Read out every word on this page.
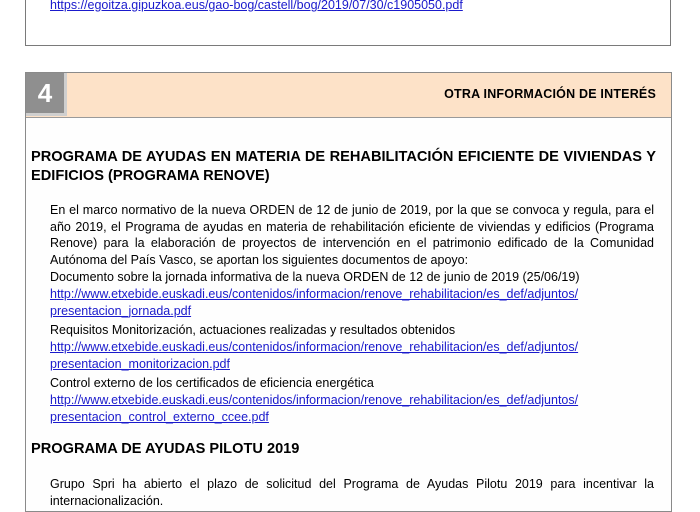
https://egoitza.gipuzkoa.eus/gao-bog/castell/bog/2019/07/30/c1905050.pdf
4	OTRA INFORMACIÓN DE INTERÉS
PROGRAMA DE AYUDAS EN MATERIA DE REHABILITACIÓN EFICIENTE DE VIVIENDAS Y EDIFICIOS (PROGRAMA RENOVE)
En el marco normativo de la nueva ORDEN de 12 de junio de 2019, por la que se convoca y regula, para el año 2019, el Programa de ayudas en materia de rehabilitación eficiente de viviendas y edificios (Programa Renove) para la elaboración de proyectos de intervención en el patrimonio edificado de la Comunidad Autónoma del País Vasco, se aportan los siguientes documentos de apoyo:
Documento sobre la jornada informativa de la nueva ORDEN de 12 de junio de 2019 (25/06/19)
http://www.etxebide.euskadi.eus/contenidos/informacion/renove_rehabilitacion/es_def/adjuntos/
presentacion_jornada.pdf
Requisitos Monitorización, actuaciones realizadas y resultados obtenidos
http://www.etxebide.euskadi.eus/contenidos/informacion/renove_rehabilitacion/es_def/adjuntos/
presentacion_monitorizacion.pdf
Control externo de los certificados de eficiencia energética
http://www.etxebide.euskadi.eus/contenidos/informacion/renove_rehabilitacion/es_def/adjuntos/
presentacion_control_externo_ccee.pdf
PROGRAMA DE AYUDAS PILOTU 2019
Grupo Spri ha abierto el plazo de solicitud del Programa de Ayudas Pilotu 2019 para incentivar la internacionalización.
